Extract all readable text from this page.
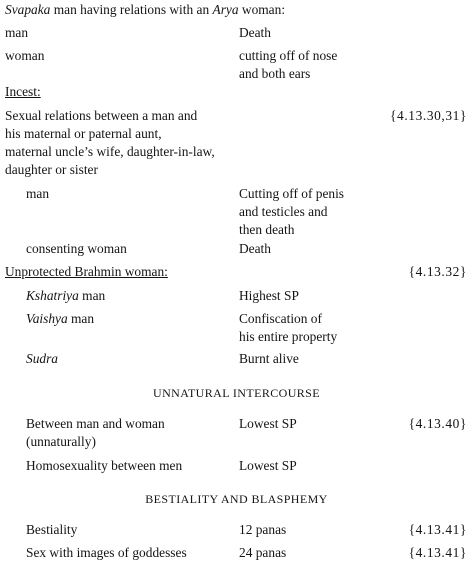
Svapaka man having relations with an Arya woman:
man	Death
woman	cutting off of nose
and both ears
Incest:
Sexual relations between a man and	{4.13.30,31}
his maternal or paternal aunt,
maternal uncle’s wife, daughter-in-law,
daughter or sister
man	Cutting off of penis
and testicles and
then death
consenting woman	Death
Unprotected Brahmin woman:	{4.13.32}
Kshatriya man	Highest SP
Vaishya man	Confiscation of
his entire property
Sudra	Burnt alive
UNNATURAL INTERCOURSE
Between man and woman	Lowest SP	{4.13.40}
(unnaturally)
Homosexuality between men	Lowest SP
BESTIALITY AND BLASPHEMY
Bestiality	12 panas	{4.13.41}
Sex with images of goddesses	24 panas	{4.13.41}
